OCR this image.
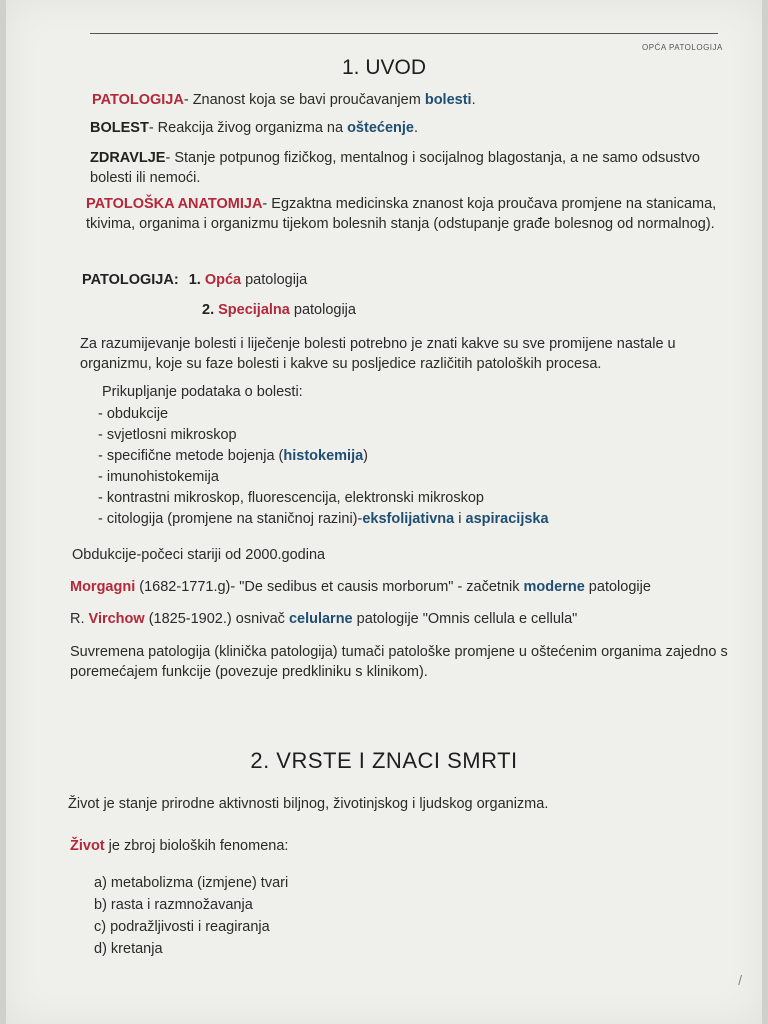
OPĆA PATOLOGIJA
1. UVOD
PATOLOGIJA- Znanost koja se bavi proučavanjem bolesti.
BOLEST- Reakcija živog organizma na oštećenje.
ZDRAVLJE- Stanje potpunog fizičkog, mentalnog i socijalnog blagostanja, a ne samo odsustvo bolesti ili nemoći.
PATOLOŠKA ANATOMIJA- Egzaktna medicinska znanost koja proučava promjene na stanicama, tkivima, organima i organizmu tijekom bolesnih stanja (odstupanje građe bolesnog od normalnog).
PATOLOGIJA: 1. Opća patologija
2. Specijalna patologija
Za razumijevanje bolesti i liječenje bolesti potrebno je znati kakve su sve promijene nastale u organizmu, koje su faze bolesti i kakve su posljedice različitih patoloških procesa.
Prikupljanje podataka o bolesti:
- obdukcije
- svjetlosni mikroskop
- specifične metode bojenja (histokemija)
- imunohistokemija
- kontrastni mikroskop, fluorescencija, elektronski mikroskop
- citologija (promjene na staničnoj razini)-eksfolijativna i aspiracijska
Obdukcije-počeci stariji od 2000.godina
Morgagni (1682-1771.g)- "De sedibus et causis morborum" - začetnik moderne patologije
R. Virchow (1825-1902.) osnivač celularne patologije "Omnis cellula e cellula"
Suvremena patologija (klinička patologija) tumači patološke promjene u oštećenim organima zajedno s poremećajem funkcije (povezuje predkliniku s klinikom).
2. VRSTE I ZNACI SMRTI
Život je stanje prirodne aktivnosti biljnog, životinjskog i ljudskog organizma.
Život je zbroj bioloških fenomena:
a) metabolizma (izmjene) tvari
b) rasta i razmnožavanja
c) podražljivosti i reagiranja
d) kretanja
/
